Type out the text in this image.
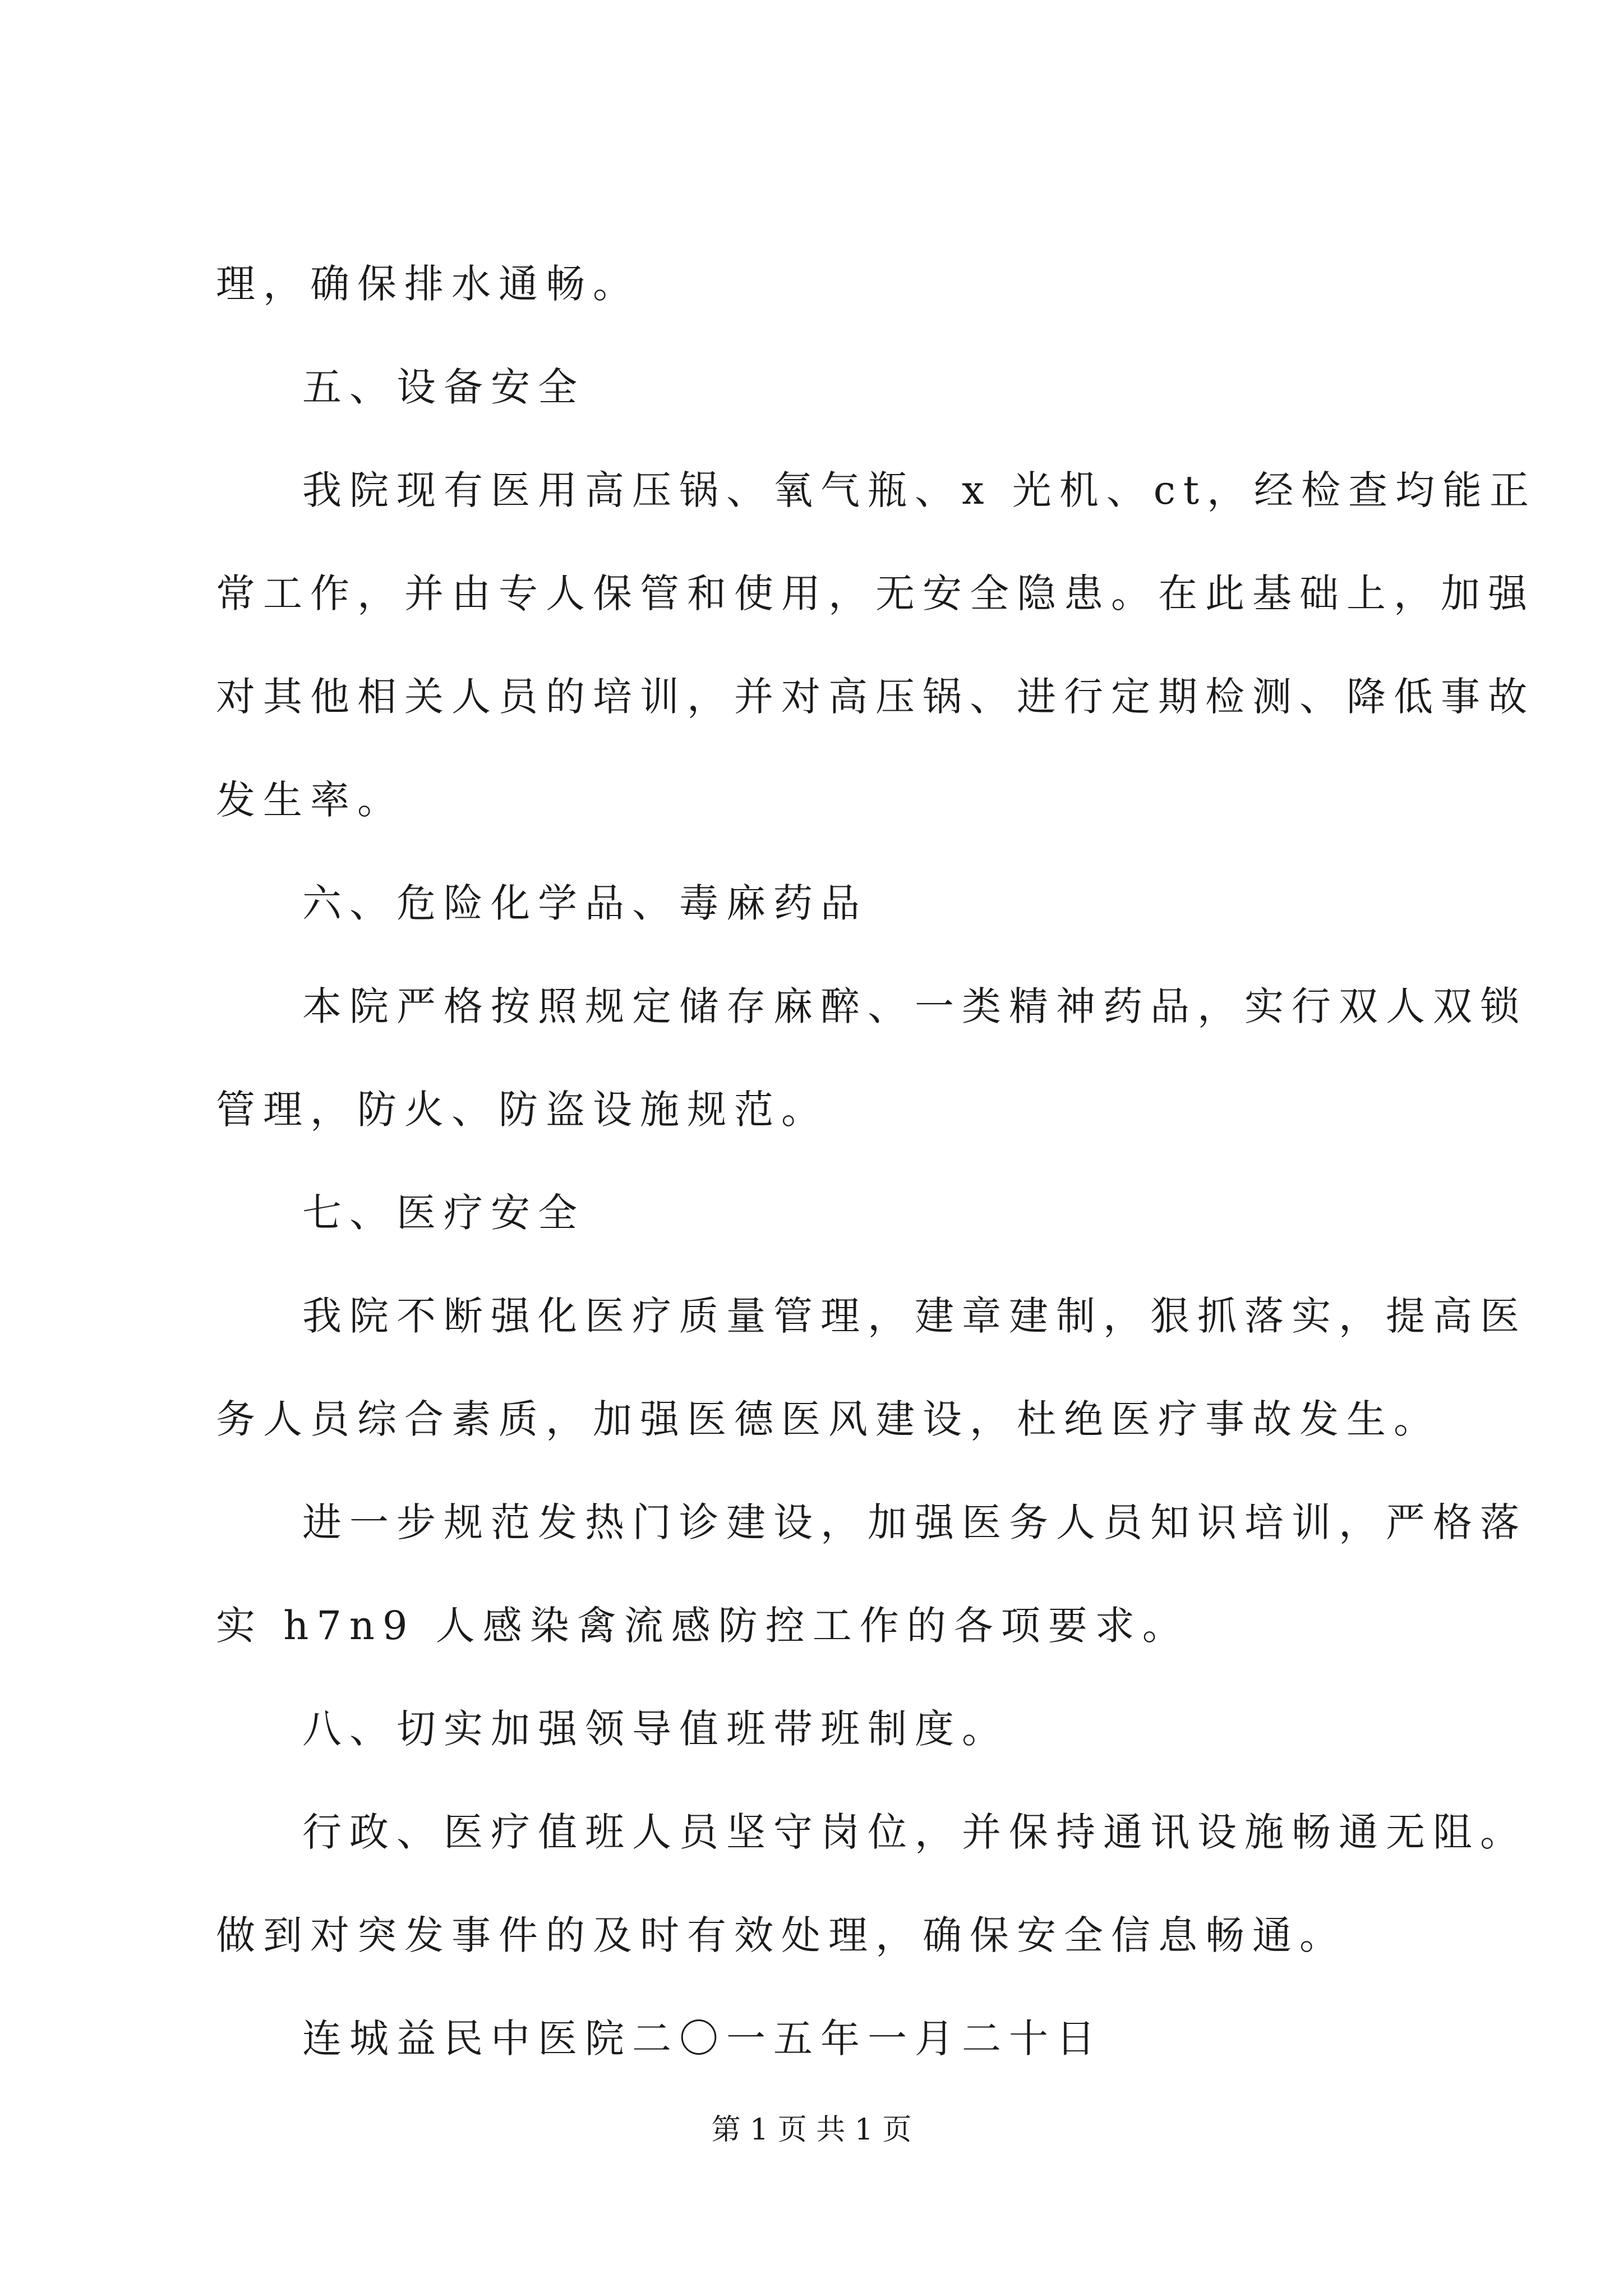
理，确保排水通畅。
五、设备安全
我院现有医用高压锅、氧气瓶、x 光机、ct，经检查均能正
常工作，并由专人保管和使用，无安全隐患。在此基础上，加强
对其他相关人员的培训，并对高压锅、进行定期检测、降低事故
发生率。
六、危险化学品、毒麻药品
本院严格按照规定储存麻醉、一类精神药品，实行双人双锁
管理，防火、防盗设施规范。
七、医疗安全
我院不断强化医疗质量管理，建章建制，狠抓落实，提高医
务人员综合素质，加强医德医风建设，杜绝医疗事故发生。
进一步规范发热门诊建设，加强医务人员知识培训，严格落
实 h7n9 人感染禽流感防控工作的各项要求。
八、切实加强领导值班带班制度。
行政、医疗值班人员坚守岗位，并保持通讯设施畅通无阻。
做到对突发事件的及时有效处理，确保安全信息畅通。
连城益民中医院二〇一五年一月二十日
第 1 页 共 1 页
